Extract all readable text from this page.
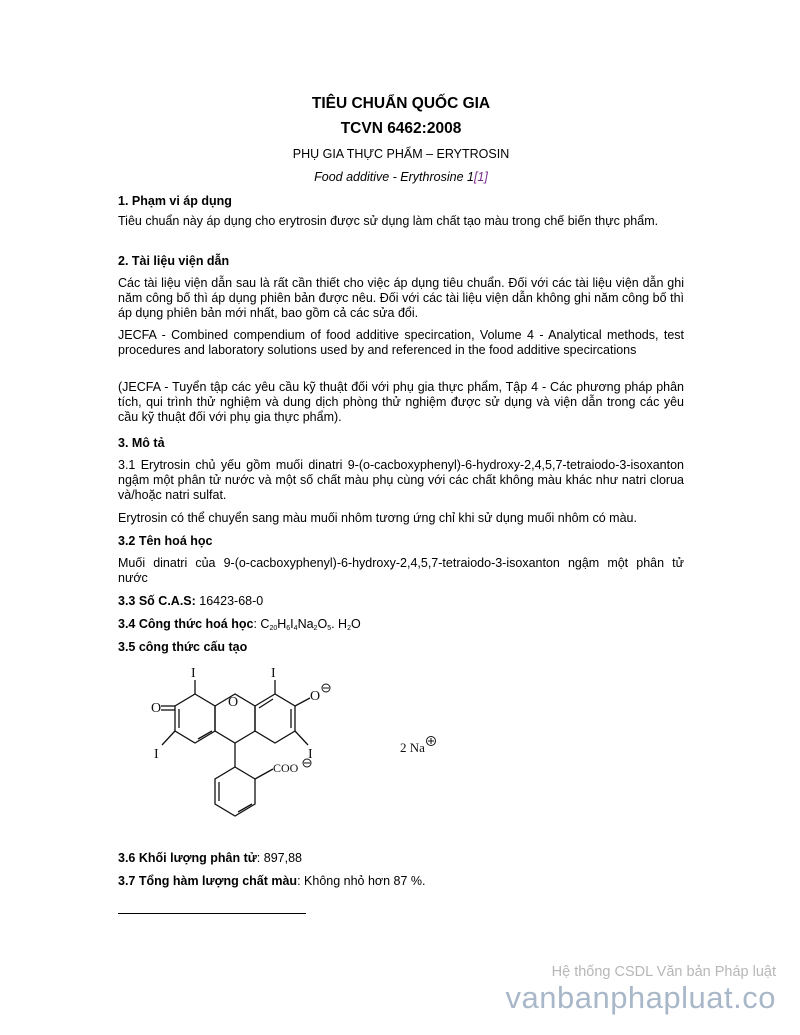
TIÊU CHUẨN QUỐC GIA
TCVN 6462:2008
PHỤ GIA THỰC PHẨM – ERYTROSIN
Food additive - Erythrosine 1[1]
1. Phạm vi áp dụng
Tiêu chuẩn này áp dụng cho erytrosin được sử dụng làm chất tạo màu trong chế biến thực phẩm.
2. Tài liệu viện dẫn
Các tài liệu viện dẫn sau là rất cần thiết cho việc áp dụng tiêu chuẩn. Đối với các tài liệu viện dẫn ghi năm công bố thì áp dụng phiên bản được nêu. Đối với các tài liệu viện dẫn không ghi năm công bố thì áp dụng phiên bản mới nhất, bao gồm cả các sửa đổi.
JECFA - Combined compendium of food additive specircation, Volume 4 - Analytical methods, test procedures and laboratory solutions used by and referenced in the food additive specircations
(JECFA - Tuyển tập các yêu cầu kỹ thuật đối với phụ gia thực phẩm, Tập 4 - Các phương pháp phân tích, qui trình thử nghiệm và dung dịch phòng thử nghiệm được sử dụng và viện dẫn trong các yêu cầu kỹ thuật đối với phụ gia thực phẩm).
3. Mô tả
3.1 Erytrosin chủ yếu gồm muối dinatri 9-(o-cacboxyphenyl)-6-hydroxy-2,4,5,7-tetraiodo-3-isoxanton ngậm một phân tử nước và một số chất màu phụ cùng với các chất không màu khác như natri clorua và/hoặc natri sulfat.
Erytrosin có thể chuyển sang màu muối nhôm tương ứng chỉ khi sử dụng muối nhôm có màu.
3.2 Tên hoá học
Muối dinatri của 9-(o-cacboxyphenyl)-6-hydroxy-2,4,5,7-tetraiodo-3-isoxanton ngậm một phân tử nước
3.3 Số C.A.S: 16423-68-0
3.4 Công thức hoá học: $C_{20}H_6I_4Na_2O_5$. $H_2O$
3.5 công thức cấu tạo
O
O
I	I
I	I
O
COO
2 Na
3.6 Khối lượng phân tử: 897,88
3.7 Tổng hàm lượng chất màu: Không nhỏ hơn 87 %.
Hệ thống CSDL Văn bản Pháp luật
vanbanphapluat.co
